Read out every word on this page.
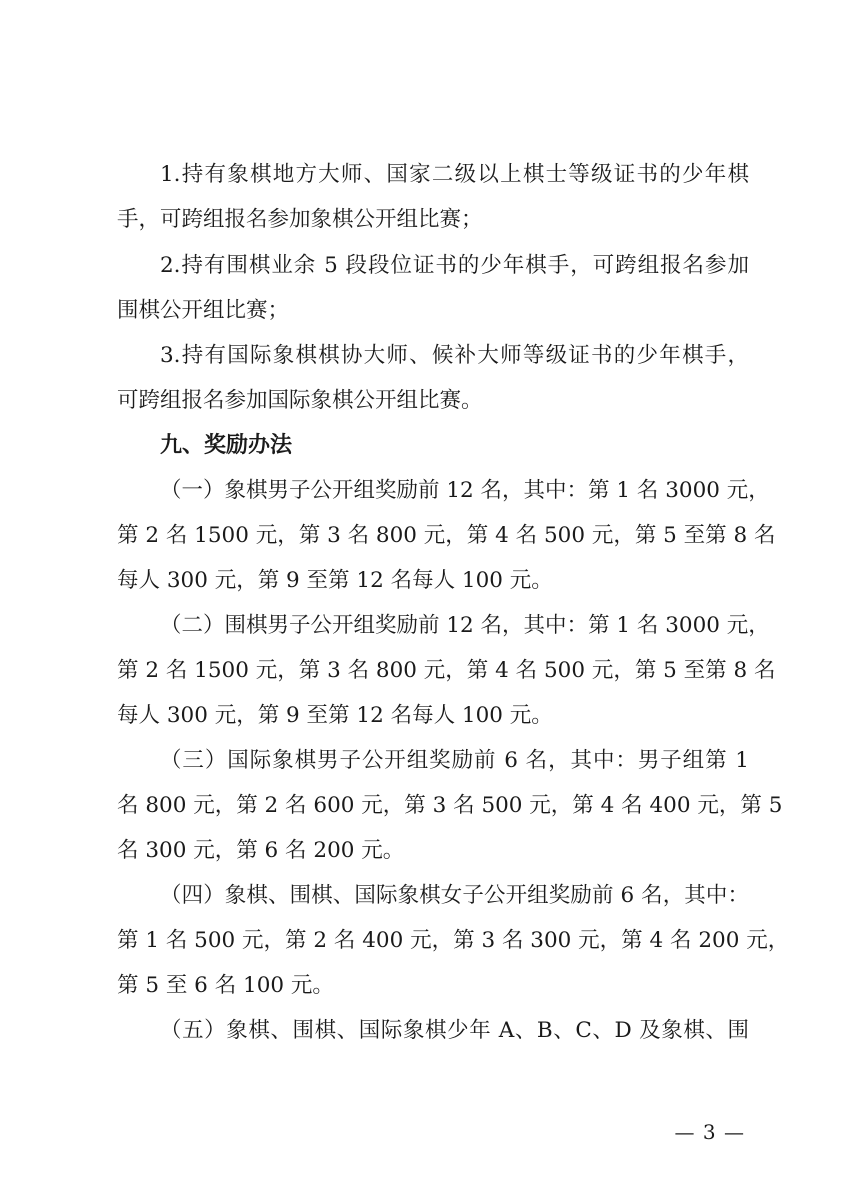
1.持有象棋地方大师、国家二级以上棋士等级证书的少年棋
手，可跨组报名参加象棋公开组比赛；

2.持有围棋业余 5 段段位证书的少年棋手，可跨组报名参加
围棋公开组比赛；

3.持有国际象棋棋协大师、候补大师等级证书的少年棋手，
可跨组报名参加国际象棋公开组比赛。

九、奖励办法

（一）象棋男子公开组奖励前 12 名，其中：第 1 名 3000 元，
第 2 名 1500 元，第 3 名 800 元，第 4 名 500 元，第 5 至第 8 名
每人 300 元，第 9 至第 12 名每人 100 元。

（二）围棋男子公开组奖励前 12 名，其中：第 1 名 3000 元，
第 2 名 1500 元，第 3 名 800 元，第 4 名 500 元，第 5 至第 8 名
每人 300 元，第 9 至第 12 名每人 100 元。

（三）国际象棋男子公开组奖励前 6 名，其中：男子组第 1
名 800 元，第 2 名 600 元，第 3 名 500 元，第 4 名 400 元，第 5
名 300 元，第 6 名 200 元。

（四）象棋、围棋、国际象棋女子公开组奖励前 6 名，其中：
第 1 名 500 元，第 2 名 400 元，第 3 名 300 元，第 4 名 200 元，
第 5 至 6 名 100 元。

（五）象棋、围棋、国际象棋少年 A、B、C、D 及象棋、围

— 3 —
